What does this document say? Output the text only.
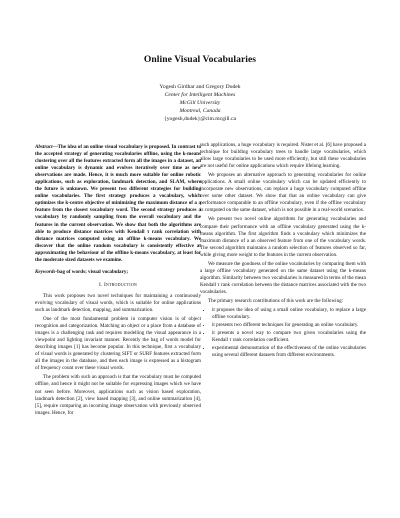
Online Visual Vocabularies
Yogesh Girdhar and Gregory Dudek
Center for Intelligent Machines
McGill University
Montreal, Canada
{yogesh,dudek}@cim.mcgill.ca

Abstract—The idea of an online visual vocabulary is proposed. In contrast to the accepted strategy of generating vocabularies offline, using the k-means clustering over all the features extracted form all the images in a dataset, an online vocabulary is dynamic and evolves iteratively over time as new observations are made. Hence, it is much more suitable for online robotic applications, such as exploration, landmark detection, and SLAM, where the future is unknown. We present two different strategies for building online vocabularies. The first strategy produces a vocabulary, which optimizes the k-centre objective of minimizing the maximum distance of a a feature from the closest vocabulary word. The second strategy produces a vocabulary by randomly sampling from the overall vocabulary and the features in the current observation. We show that both the algorithms are able to produce distance matrices with Kendall τ rank correlation with distance matrices computed using an offline k-means vocabulary. We discover that the online random vocabulary is consistently effective at approximating the behaviour of the offline k-means vocabulary, at least for the moderate sized datasets we examine.

Keywords-bag of words; visual vocabulary;

I. Introduction

This work proposes two novel techniques for maintaining a continuously evolving vocabulary of visual words, which is suitable for online applications such as landmark detection, mapping, and summarization.

One of the most fundamental problem in computer vision is of object recognition and categorization. Matching an object or a place from a database of images is a challenging task and requires modelling the visual appearance in a viewpoint and lighting invariant manner. Recently the bag of words model for describing images [1] has become popular. In this technique, first a vocabulary of visual words is generated by clustering SIFT or SURF features extracted form all the images in the database, and then each image is expressed as a histogram of frequency count over these visual words.

The problem with such an approach is that the vocabulary must be computed offline, and hence it might not be suitable for expressing images which we have not seen before. Moreover, applications such as vision based exploration, landmark detection [2], view based mapping [3], and online summarization [4], [5], require comparing an incoming image observation with previously observed images. Hence, for

such applications, a huge vocabulary is required. Nister et al. [6] have proposed a technique for building vocabulary trees to handle large vocabularies, which allow large vocabularies to be used more efficiently, but still these vocabularies are not useful for online applications which require lifelong learning.

We proposes an alternative approach to generating vocabularies for online applications. A small online vocabulary which can be updated efficiently to incorporate new observations, can replace a huge vocabulary computed offline over some other dataset. We show that that an online vocabulary can give performance comparable to an offline vocabulary, even if the offline vocabulary is computed on the same dataset, which is not possible in a real-world scenarios.

We present two novel online algorithms for generating vocabularies and compare their performance with an offline vocabulary generated using the k-means algorithm. The first algorithm finds a vocabulary which minimizes the maximum distance of a an observed feature from one of the vocabulary words. The second algorithm maintains a random selection of features observed so far, while giving more weight to the features in the current observation.

We measure the goodness of the online vocabularies by comparing them with a large offline vocabulary generated on the same dataset using the k-means algorithm. Similarity between two vocabularies is measured in terms of the mean Kendall τ rank correlation between the distance matrices associated with the two vocabularies.

The primary research contributions of this work are the following:

• it proposes the idea of using a small online vocabulary, to replace a large offline vocabulary.
• it presents two different techniques for generating an online vocabulary.
• it presents a novel way to compare two given vocabularies using the Kendall τ rank correlation coefficient.
• experimental demonstration of the effectiveness of the online vocabularies using several different datasets from different environments.
